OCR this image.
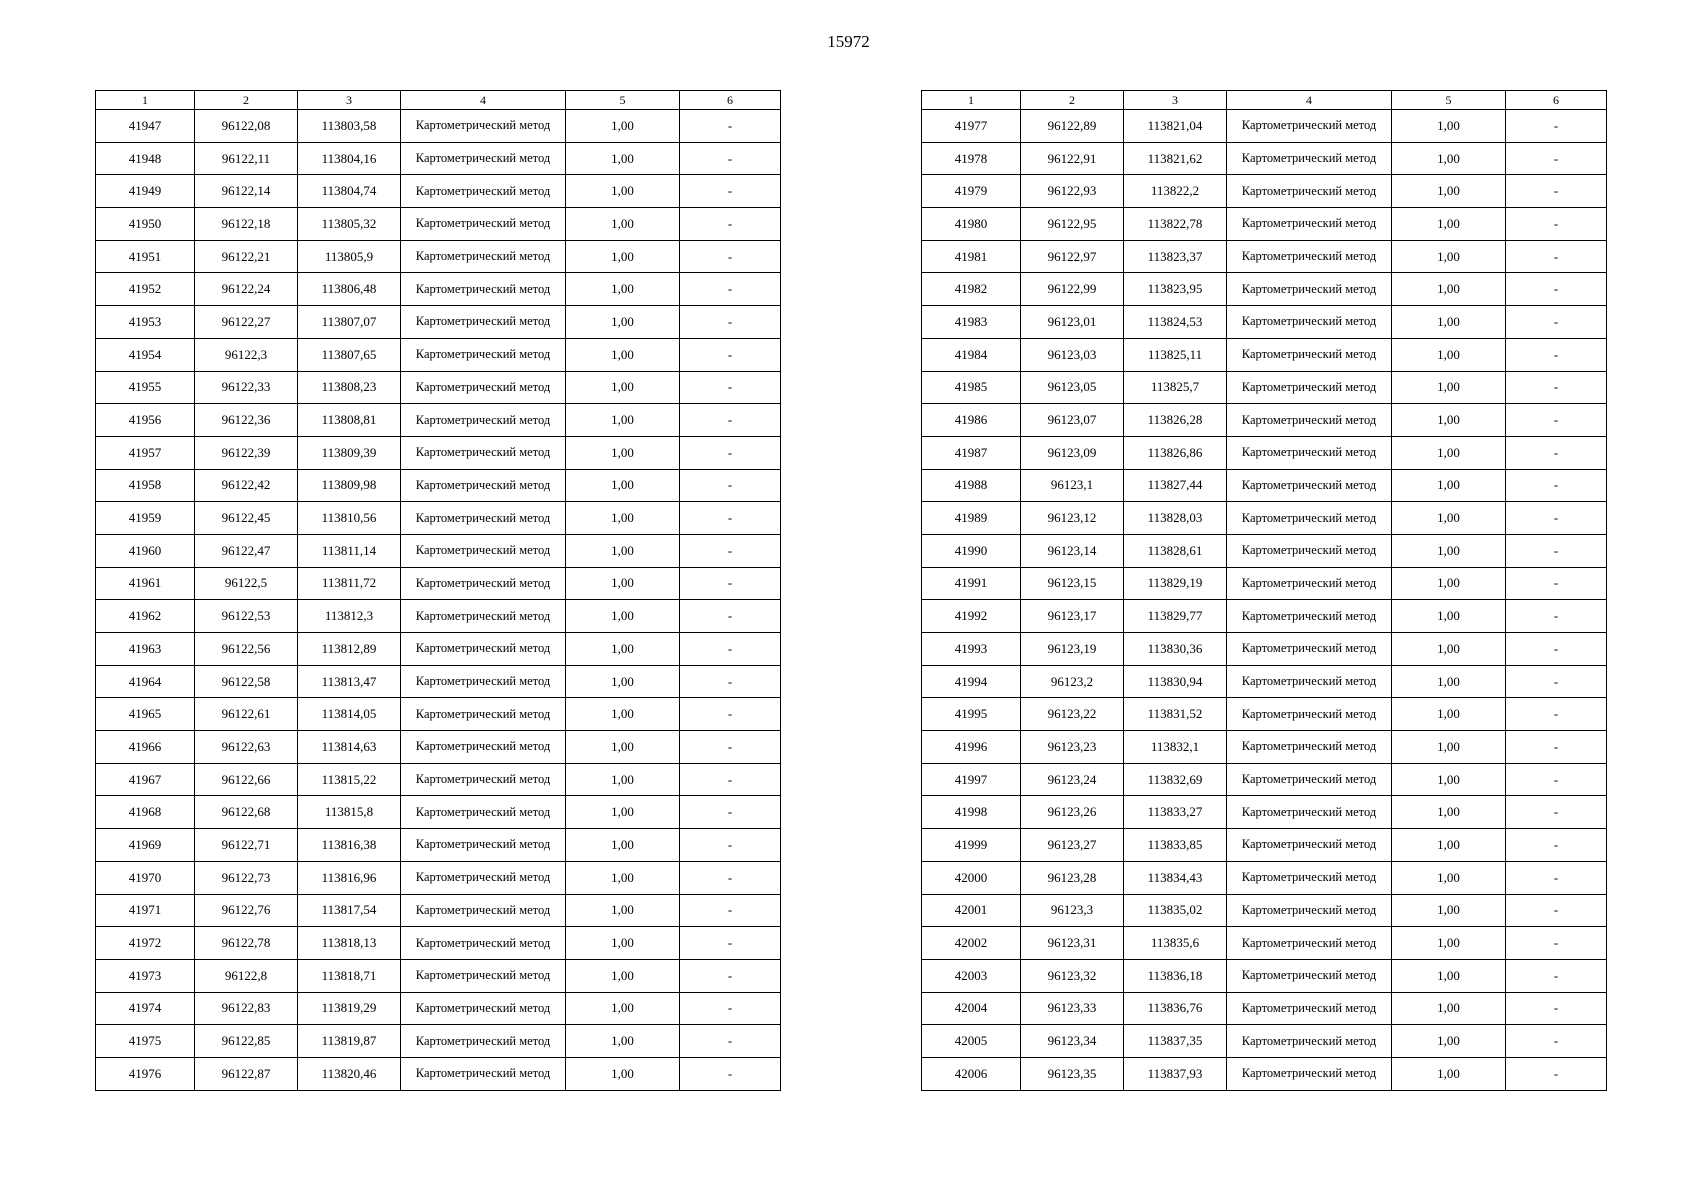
15972
1	2	3	4	5	6
41947	96122,08	113803,58	Картометрический метод	1,00	-
41948	96122,11	113804,16	Картометрический метод	1,00	-
41949	96122,14	113804,74	Картометрический метод	1,00	-
41950	96122,18	113805,32	Картометрический метод	1,00	-
41951	96122,21	113805,9	Картометрический метод	1,00	-
41952	96122,24	113806,48	Картометрический метод	1,00	-
41953	96122,27	113807,07	Картометрический метод	1,00	-
41954	96122,3	113807,65	Картометрический метод	1,00	-
41955	96122,33	113808,23	Картометрический метод	1,00	-
41956	96122,36	113808,81	Картометрический метод	1,00	-
41957	96122,39	113809,39	Картометрический метод	1,00	-
41958	96122,42	113809,98	Картометрический метод	1,00	-
41959	96122,45	113810,56	Картометрический метод	1,00	-
41960	96122,47	113811,14	Картометрический метод	1,00	-
41961	96122,5	113811,72	Картометрический метод	1,00	-
41962	96122,53	113812,3	Картометрический метод	1,00	-
41963	96122,56	113812,89	Картометрический метод	1,00	-
41964	96122,58	113813,47	Картометрический метод	1,00	-
41965	96122,61	113814,05	Картометрический метод	1,00	-
41966	96122,63	113814,63	Картометрический метод	1,00	-
41967	96122,66	113815,22	Картометрический метод	1,00	-
41968	96122,68	113815,8	Картометрический метод	1,00	-
41969	96122,71	113816,38	Картометрический метод	1,00	-
41970	96122,73	113816,96	Картометрический метод	1,00	-
41971	96122,76	113817,54	Картометрический метод	1,00	-
41972	96122,78	113818,13	Картометрический метод	1,00	-
41973	96122,8	113818,71	Картометрический метод	1,00	-
41974	96122,83	113819,29	Картометрический метод	1,00	-
41975	96122,85	113819,87	Картометрический метод	1,00	-
41976	96122,87	113820,46	Картометрический метод	1,00	-
1	2	3	4	5	6
41977	96122,89	113821,04	Картометрический метод	1,00	-
41978	96122,91	113821,62	Картометрический метод	1,00	-
41979	96122,93	113822,2	Картометрический метод	1,00	-
41980	96122,95	113822,78	Картометрический метод	1,00	-
41981	96122,97	113823,37	Картометрический метод	1,00	-
41982	96122,99	113823,95	Картометрический метод	1,00	-
41983	96123,01	113824,53	Картометрический метод	1,00	-
41984	96123,03	113825,11	Картометрический метод	1,00	-
41985	96123,05	113825,7	Картометрический метод	1,00	-
41986	96123,07	113826,28	Картометрический метод	1,00	-
41987	96123,09	113826,86	Картометрический метод	1,00	-
41988	96123,1	113827,44	Картометрический метод	1,00	-
41989	96123,12	113828,03	Картометрический метод	1,00	-
41990	96123,14	113828,61	Картометрический метод	1,00	-
41991	96123,15	113829,19	Картометрический метод	1,00	-
41992	96123,17	113829,77	Картометрический метод	1,00	-
41993	96123,19	113830,36	Картометрический метод	1,00	-
41994	96123,2	113830,94	Картометрический метод	1,00	-
41995	96123,22	113831,52	Картометрический метод	1,00	-
41996	96123,23	113832,1	Картометрический метод	1,00	-
41997	96123,24	113832,69	Картометрический метод	1,00	-
41998	96123,26	113833,27	Картометрический метод	1,00	-
41999	96123,27	113833,85	Картометрический метод	1,00	-
42000	96123,28	113834,43	Картометрический метод	1,00	-
42001	96123,3	113835,02	Картометрический метод	1,00	-
42002	96123,31	113835,6	Картометрический метод	1,00	-
42003	96123,32	113836,18	Картометрический метод	1,00	-
42004	96123,33	113836,76	Картометрический метод	1,00	-
42005	96123,34	113837,35	Картометрический метод	1,00	-
42006	96123,35	113837,93	Картометрический метод	1,00	-
